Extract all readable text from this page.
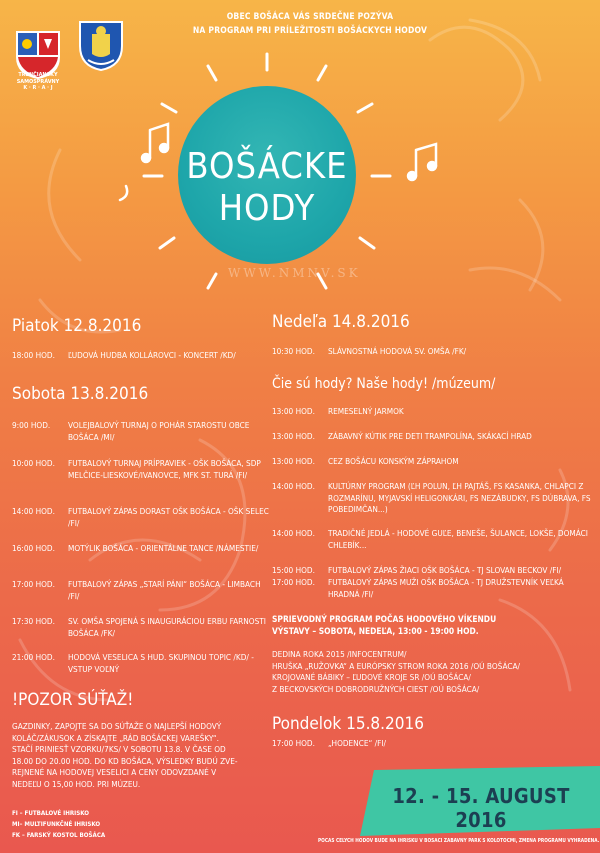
TRENČIANSKY
SAMOSPRÁVNY
K · R · A · J
OBEC BOŠÁCA VÁS SRDEČNE POZÝVA
NA PROGRAM PRI PRÍLEŽITOSTI BOŠÁCKYCH HODOV
BOŠÁCKE
HODY
WWW.NMNV.SK
Piatok 12.8.2016
18:00 HOD.	ĽUDOVÁ HUDBA KOLLÁROVCI - KONCERT /KD/
Sobota 13.8.2016
9:00 HOD.	VOLEJBALOVÝ TURNAJ O POHÁR STAROSTU OBCE BOŠÁCA /MI/
10:00 HOD.	FUTBALOVÝ TURNAJ PRÍPRAVIEK - OŠK BOŠÁCA, SDP MELČICE-LIESKOVÉ/IVANOVCE, MFK ST. TURÁ /FI/
14:00 HOD.	FUTBALOVÝ ZÁPAS DORAST OŠK BOŠÁCA - OŠK SELEC /FI/
16:00 HOD.	MOTÝLIK BOŠÁCA - ORIENTÁLNE TANCE /NÁMESTIE/
17:00 HOD.	FUTBALOVÝ ZÁPAS „STARÍ PÁNI“ BOŠÁCA - LIMBACH /FI/
17:30 HOD.	SV. OMŠA SPOJENÁ S INAUGURÁCIOU ERBU FARNOSTI BOŠÁCA /FK/
21:00 HOD.	HODOVÁ VESELICA S HUD. SKUPINOU TOPIC /KD/ - VSTUP VOĽNÝ
!POZOR SÚŤAŽ!
GAZDINKY, ZAPOJTE SA DO SÚŤAŽE O NAJLEPŠÍ HODOVÝ
KOLÁČ/ZÁKUSOK A ZÍSKAJTE „RÁD BOŠÁCKEJ VAREŠKY“.
STAČÍ PRINIESŤ VZORKU/7KS/ V SOBOTU 13.8. V ČASE OD
18.00 DO 20.00 HOD. DO KD BOŠÁCA, VÝSLEDKY BUDÚ ZVE-
REJNENÉ NA HODOVEJ VESELICI A CENY ODOVZDANÉ V
NEDEĽU O 15,00 HOD. PRI MÚZEU.
FI – FUTBALOVÉ IHRISKO
MI– MULTIFUNKČNÉ IHRISKO
FK – FARSKÝ KOSTOL BOŠÁCA
Nedeľa 14.8.2016
10:30 HOD.	SLÁVNOSTNÁ HODOVÁ SV. OMŠA /FK/
Čie sú hody? Naše hody! /múzeum/
13:00 HOD.	REMESELNÝ JARMOK
13:00 HOD.	ZÁBAVNÝ KÚTIK PRE DETI TRAMPOLÍNA, SKÁKACÍ HRAD
13:00 HOD.	CEZ BOŠÁCU KONSKÝM ZÁPRAHOM
14:00 HOD.	KULTÚRNY PROGRAM (ĽH POLUN, ĽH PAJTÁŠ, FS KASANKA, CHLAPCI Z ROZMARÍNU, MYJAVSKÍ HELIGONKÁRI, FS NEZÁBUDKY, FS DÚBRAVA, FS POBEDIMČAN...)
14:00 HOD.	TRADIČNÉ JEDLÁ - HODOVÉ GUĽE, BENEŠE, ŠULANCE, LOKŠE, DOMÁCI CHLEBÍK...
15:00 HOD.	FUTBALOVÝ ZÁPAS ŽIACI OŠK BOŠÁCA - TJ SLOVAN BECKOV /FI/
17:00 HOD.	FUTBALOVÝ ZÁPAS MUŽI OŠK BOŠÁCA - TJ DRUŽSTEVNÍK VEĽKÁ HRADNÁ /FI/
SPRIEVODNÝ PROGRAM POČAS HODOVÉHO VÍKENDU
VÝSTAVY – SOBOTA, NEDEĽA, 13:00 - 19:00 HOD.
DEDINA ROKA 2015 /INFOCENTRUM/
HRUŠKA „RUŽOVKA“ A EURÓPSKY STROM ROKA 2016 /OÚ BOŠÁCA/
KROJOVANÉ BÁBIKY – ĽUDOVÉ KROJE SR /OÚ BOŠÁCA/
Z BECKOVSKÝCH DOBRODRUŽNÝCH CIEST /OÚ BOŠÁCA/
Pondelok 15.8.2016
17:00 HOD.	„HODENCE“ /FI/
12. - 15. AUGUST 2016
POČAS CELÝCH HODOV BUDE NA IHRISKU V BOŠÁCI ZÁBAVNÝ PARK S KOLOTOČMI, ZMENA PROGRAMU VYHRADENÁ.
